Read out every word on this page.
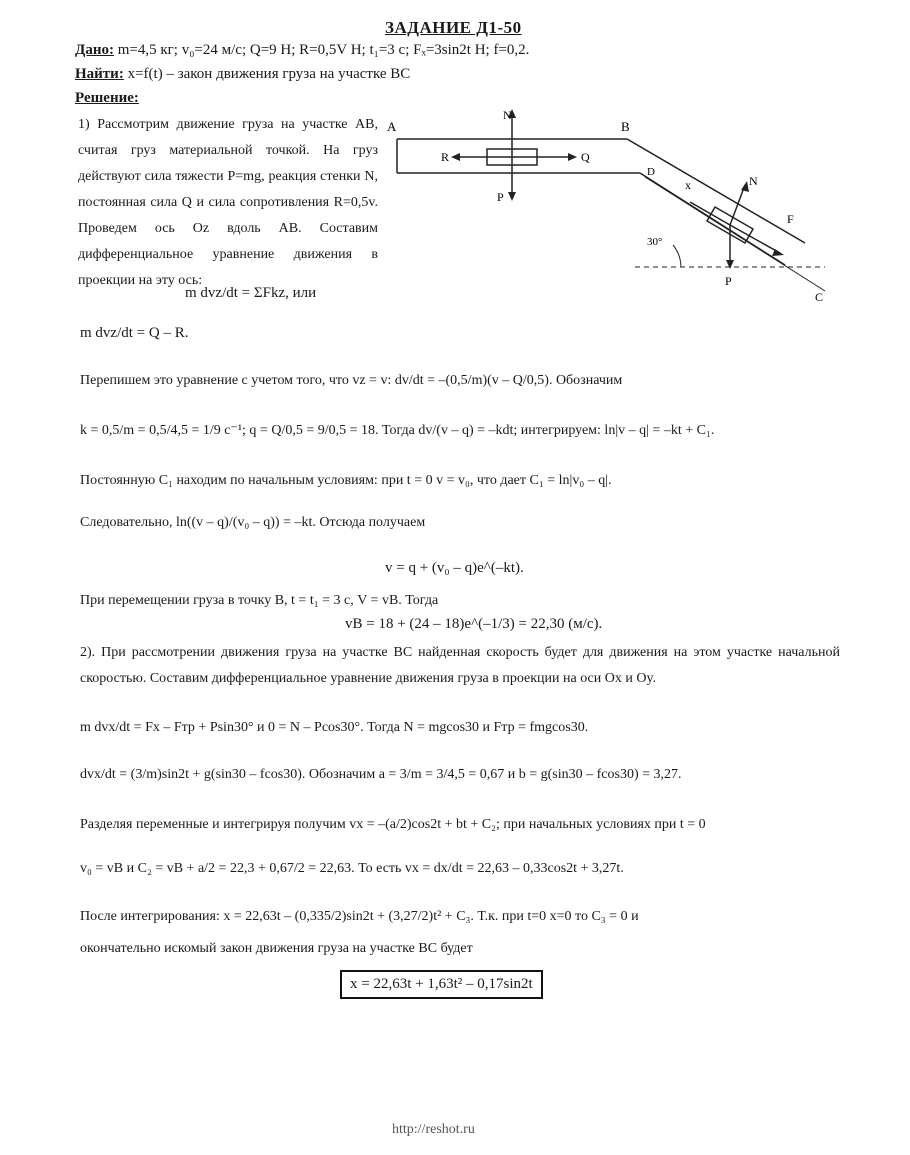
ЗАДАНИЕ Д1-50
Дано: m=4,5 кг; v₀=24 м/с; Q=9 Н; R=0,5V Н; t₁=3 с; Fₓ=3sin2t Н; f=0,2.
Найти: x=f(t) – закон движения груза на участке BC
Решение:
1) Рассмотрим движение груза на участке AB, считая груз материальной точкой. На груз действуют сила тяжести P=mg, реакция стенки N, постоянная сила Q и сила сопротивления R=0,5v. Проведем ось Oz вдоль AB. Составим дифференциальное уравнение движения в проекции на эту ось:
A	B
N
R	Q
P
30°
x	N
F
P
C
D
m dvz/dt = ΣFkz, или
m dvz/dt = Q – R.
Перепишем это уравнение с учетом того, что vz = v: dv/dt = –(0,5/m)(v – Q/0,5). Обозначим
k = 0,5/m = 0,5/4,5 = 1/9 с⁻¹; q = Q/0,5 = 9/0,5 = 18. Тогда dv/(v – q) = –kdt; интегрируем: ln|v – q| = –kt + C₁.
Постоянную C₁ находим по начальным условиям: при t = 0 v = v₀, что дает C₁ = ln|v₀ – q|.
Следовательно, ln((v – q)/(v₀ – q)) = –kt. Отсюда получаем
v = q + (v₀ – q)e^(–kt).
При перемещении груза в точку B, t = t₁ = 3 с, V = vB. Тогда
vB = 18 + (24 – 18)e^(–1/3) = 22,30 (м/с).
2). При рассмотрении движения груза на участке BC найденная скорость будет для движения на этом участке начальной скоростью. Составим дифференциальное уравнение движения груза в проекции на оси Ox и Oy.
m dvx/dt = Fx – Fтр + Psin30° и 0 = N – Pcos30°. Тогда N = mgcos30 и Fтр = fmgcos30.
dvx/dt = (3/m)sin2t + g(sin30 – fcos30). Обозначим a = 3/m = 3/4,5 = 0,67 и b = g(sin30 – fcos30) = 3,27.
Разделяя переменные и интегрируя получим vx = –(a/2)cos2t + bt + C₂; при начальных условиях при t = 0
v₀ = vB и C₂ = vB + a/2 = 22,3 + 0,67/2 = 22,63. То есть vx = dx/dt = 22,63 – 0,33cos2t + 3,27t.
После интегрирования: x = 22,63t – (0,335/2)sin2t + (3,27/2)t² + C₃. Т.к. при t=0 x=0 то C₃ = 0 и
окончательно искомый закон движения груза на участке BC будет
x = 22,63t + 1,63t² – 0,17sin2t
http://reshot.ru
